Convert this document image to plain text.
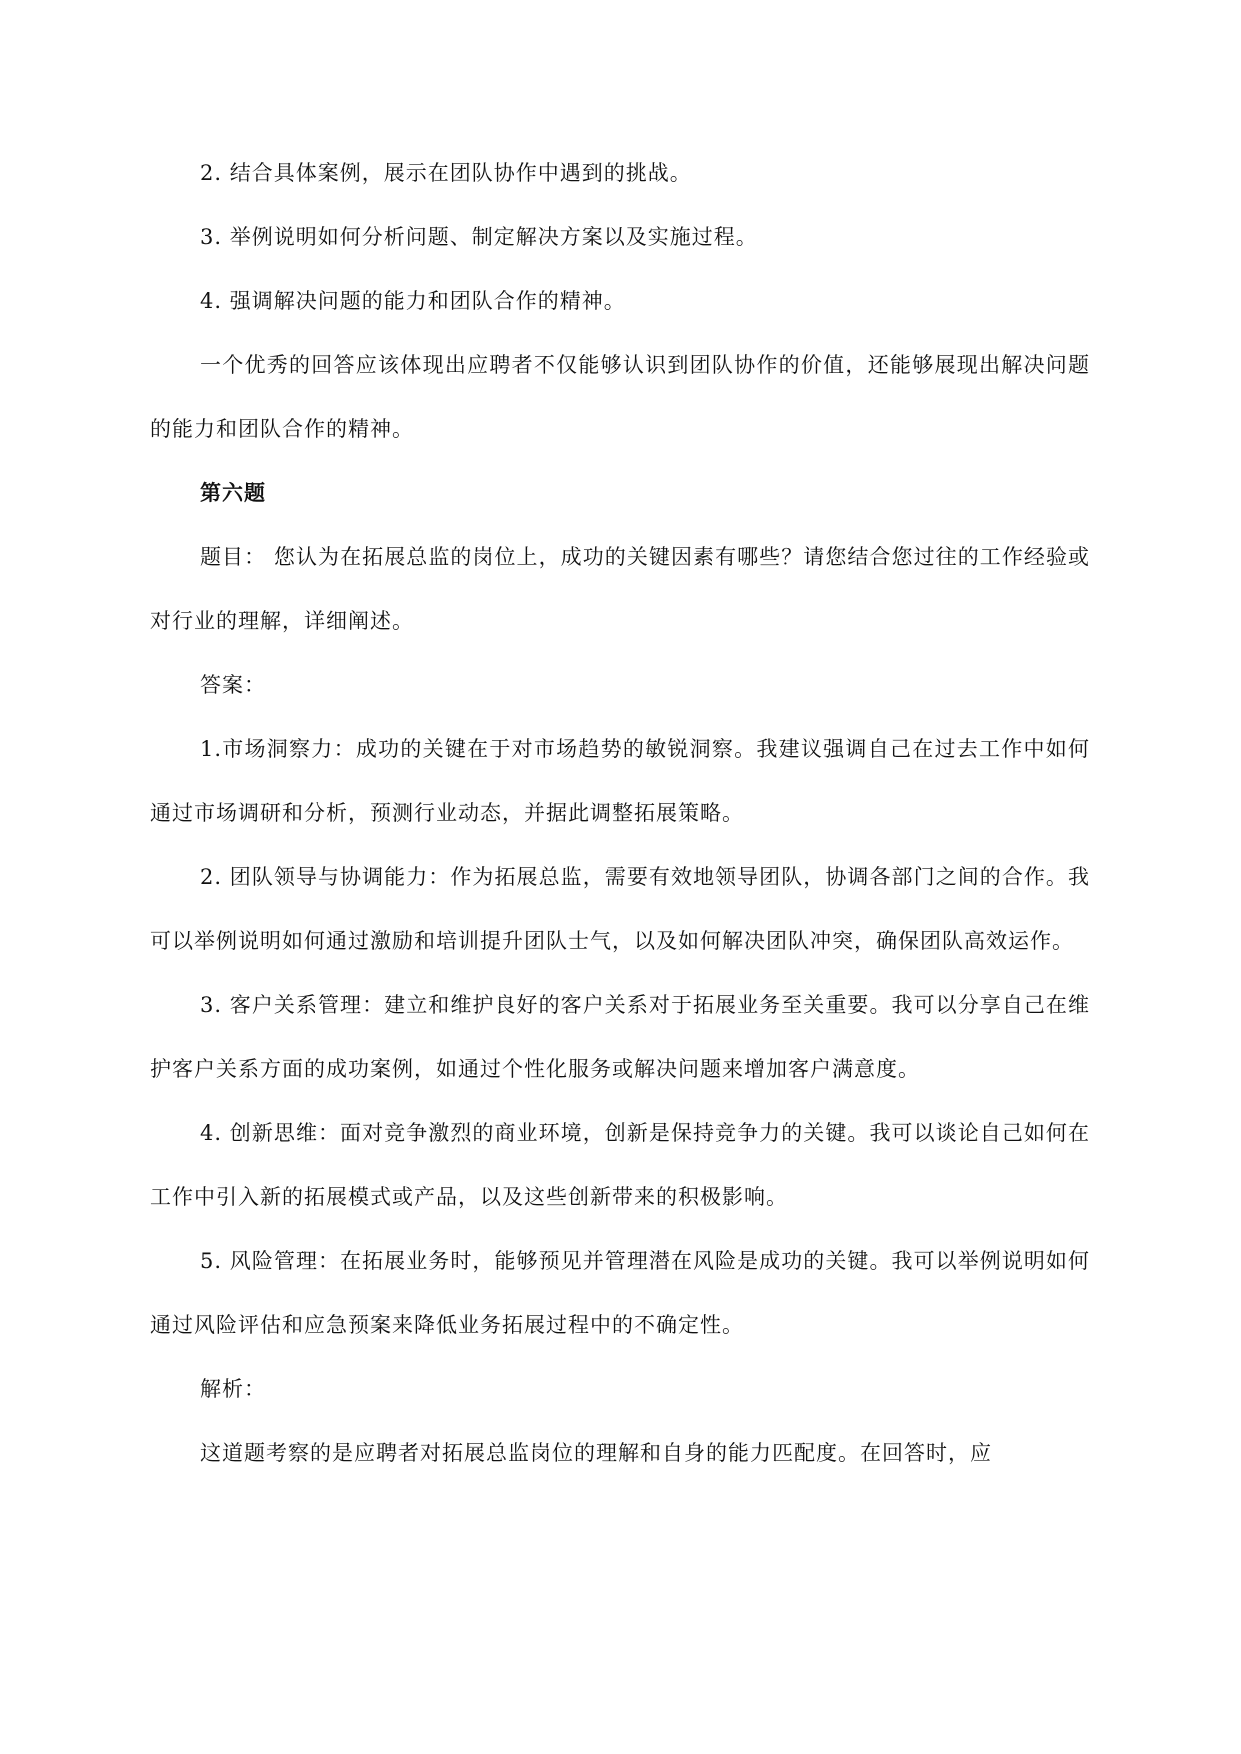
2. 结合具体案例，展示在团队协作中遇到的挑战。

3. 举例说明如何分析问题、制定解决方案以及实施过程。

4. 强调解决问题的能力和团队合作的精神。

一个优秀的回答应该体现出应聘者不仅能够认识到团队协作的价值，还能够展现出解决问题的能力和团队合作的精神。

第六题

题目： 您认为在拓展总监的岗位上，成功的关键因素有哪些？请您结合您过往的工作经验或对行业的理解，详细阐述。

答案：

1.市场洞察力：成功的关键在于对市场趋势的敏锐洞察。我建议强调自己在过去工作中如何通过市场调研和分析，预测行业动态，并据此调整拓展策略。

2. 团队领导与协调能力：作为拓展总监，需要有效地领导团队，协调各部门之间的合作。我可以举例说明如何通过激励和培训提升团队士气，以及如何解决团队冲突，确保团队高效运作。

3. 客户关系管理：建立和维护良好的客户关系对于拓展业务至关重要。我可以分享自己在维护客户关系方面的成功案例，如通过个性化服务或解决问题来增加客户满意度。

4. 创新思维：面对竞争激烈的商业环境，创新是保持竞争力的关键。我可以谈论自己如何在工作中引入新的拓展模式或产品，以及这些创新带来的积极影响。

5. 风险管理：在拓展业务时，能够预见并管理潜在风险是成功的关键。我可以举例说明如何通过风险评估和应急预案来降低业务拓展过程中的不确定性。

解析：

这道题考察的是应聘者对拓展总监岗位的理解和自身的能力匹配度。在回答时，应
